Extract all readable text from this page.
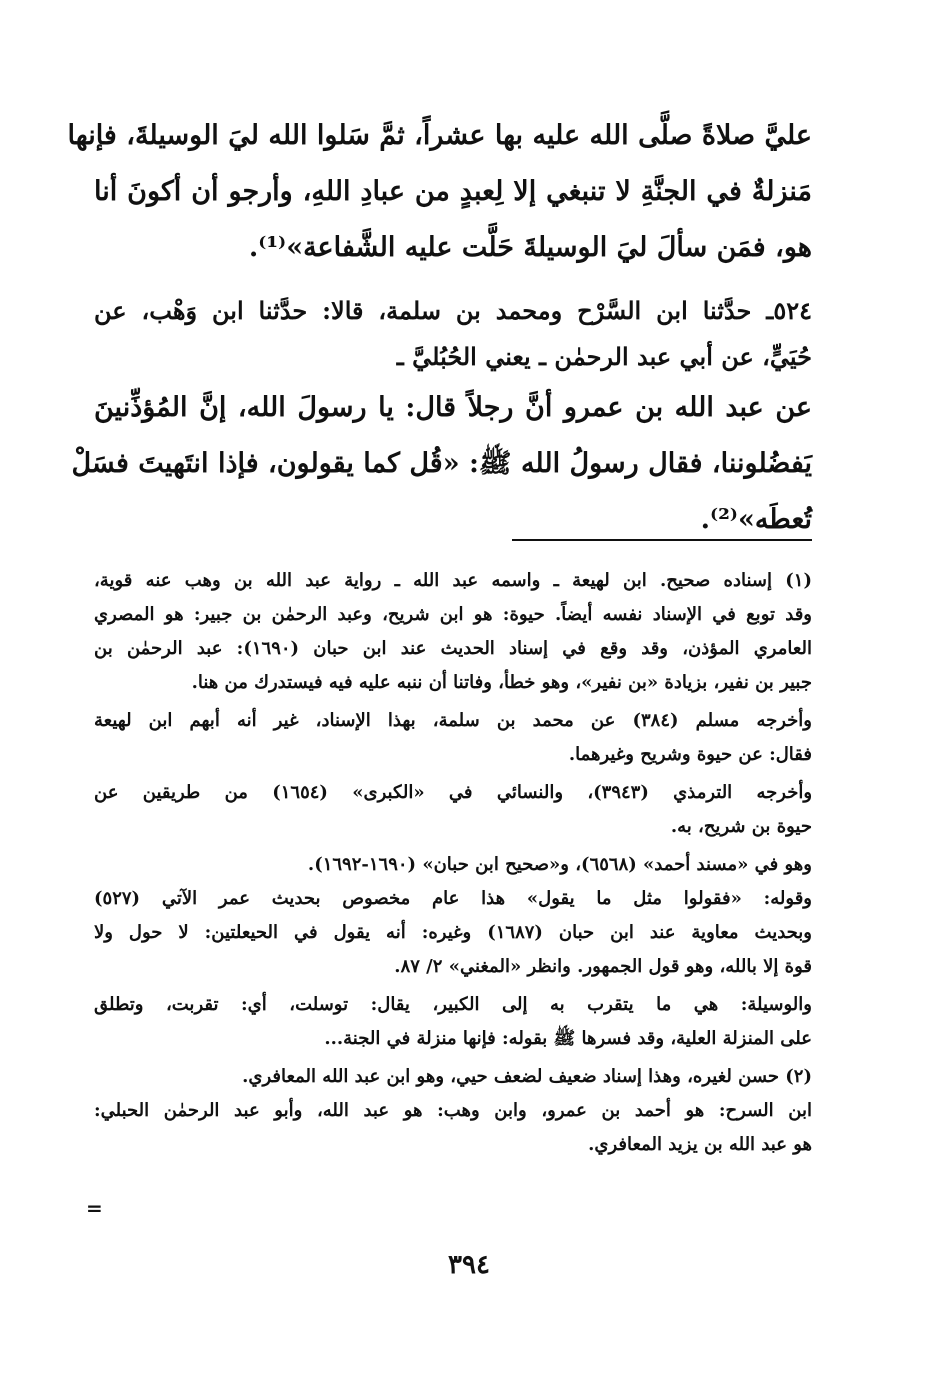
عليَّ صلاةً صلَّى الله عليه بها عشراً، ثمَّ سَلوا الله ليَ الوسيلةَ، فإنها
مَنزلةٌ في الجنَّةِ لا تنبغي إلا لِعبدٍ من عبادِ اللهِ، وأرجو أن أكونَ أنا
هو، فمَن سألَ ليَ الوسيلةَ حَلَّت عليه الشَّفاعة»⁽¹⁾.
٥٢٤ـ حدَّثنا ابن السَّرْح ومحمد بن سلمة، قالا: حدَّثنا ابن وَهْب، عن
حُيَيٍّ، عن أبي عبد الرحمٰن ـ يعني الحُبُليَّ ـ
عن عبد الله بن عمرو أنَّ رجلاً قال: يا رسولَ الله، إنَّ المُؤذِّنينَ
يَفضُلوننا، فقال رسولُ الله ﷺ: «قُل كما يقولون، فإذا انتَهيتَ فسَلْ
تُعطَه»⁽²⁾.
(١) إسناده صحيح. ابن لهيعة ـ واسمه عبد الله ـ رواية عبد الله بن وهب عنه قوية،
وقد توبع في الإسناد نفسه أيضاً. حيوة: هو ابن شريح، وعبد الرحمٰن بن جبير: هو المصري
العامري المؤذن، وقد وقع في إسناد الحديث عند ابن حبان (١٦٩٠): عبد الرحمٰن بن
جبير بن نفير، بزيادة «بن نفير»، وهو خطأ، وفاتنا أن ننبه عليه فيه فيستدرك من هنا.
وأخرجه مسلم (٣٨٤) عن محمد بن سلمة، بهذا الإسناد، غير أنه أبهم ابن لهيعة
فقال: عن حيوة وشريح وغيرهما.
وأخرجه الترمذي (٣٩٤٣)، والنسائي في «الكبرى» (١٦٥٤) من طريقين عن
حيوة بن شريح، به.
وهو في «مسند أحمد» (٦٥٦٨)، و«صحيح ابن حبان» (١٦٩٠-١٦٩٢).
وقوله: «فقولوا مثل ما يقول» هذا عام مخصوص بحديث عمر الآتي (٥٢٧)
وبحديث معاوية عند ابن حبان (١٦٨٧) وغيره: أنه يقول في الحيعلتين: لا حول ولا
قوة إلا بالله، وهو قول الجمهور. وانظر «المغني» ٢/ ٨٧.
والوسيلة: هي ما يتقرب به إلى الكبير، يقال: توسلت، أي: تقربت، وتطلق
على المنزلة العلية، وقد فسرها ﷺ بقوله: فإنها منزلة في الجنة...
(٢) حسن لغيره، وهذا إسناد ضعيف لضعف حيي، وهو ابن عبد الله المعافري.
ابن السرح: هو أحمد بن عمرو، وابن وهب: هو عبد الله، وأبو عبد الرحمٰن الحبلي:
هو عبد الله بن يزيد المعافري.
=
٣٩٤
